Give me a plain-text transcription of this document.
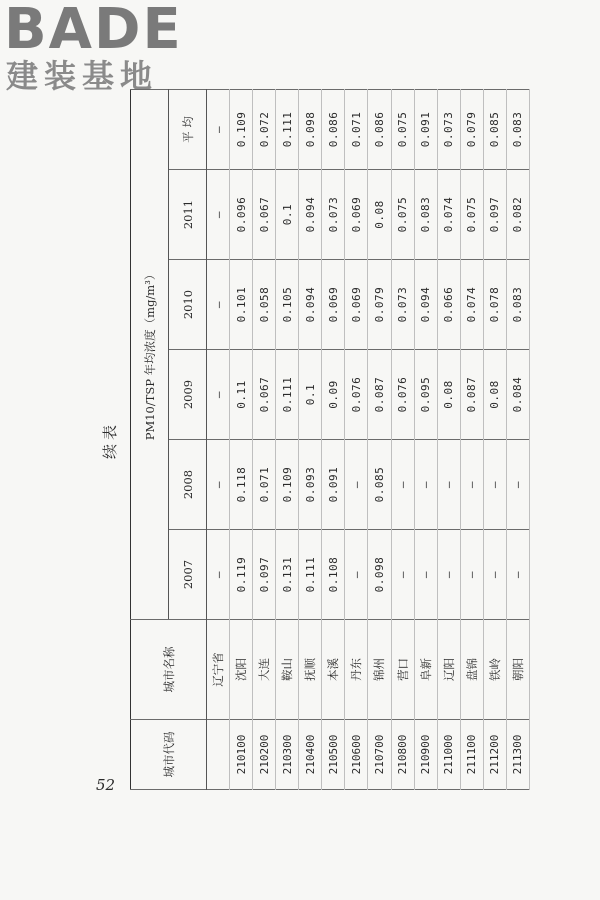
BADE
建装基地
续表
城市代码	城市名称	PM10/TSP 年均浓度（mg/m³）					
		2007	2008	2009	2010	2011	平 均
	辽宁省	—	—	—	—	—	—
210100	沈阳	0.119	0.118	0.11	0.101	0.096	0.109
210200	大连	0.097	0.071	0.067	0.058	0.067	0.072
210300	鞍山	0.131	0.109	0.111	0.105	0.1	0.111
210400	抚顺	0.111	0.093	0.1	0.094	0.094	0.098
210500	本溪	0.108	0.091	0.09	0.069	0.073	0.086
210600	丹东	—	—	0.076	0.069	0.069	0.071
210700	锦州	0.098	0.085	0.087	0.079	0.08	0.086
210800	营口	—	—	0.076	0.073	0.075	0.075
210900	阜新	—	—	0.095	0.094	0.083	0.091
211000	辽阳	—	—	0.08	0.066	0.074	0.073
211100	盘锦	—	—	0.087	0.074	0.075	0.079
211200	铁岭	—	—	0.08	0.078	0.097	0.085
211300	朝阳	—	—	0.084	0.083	0.082	0.083
52
